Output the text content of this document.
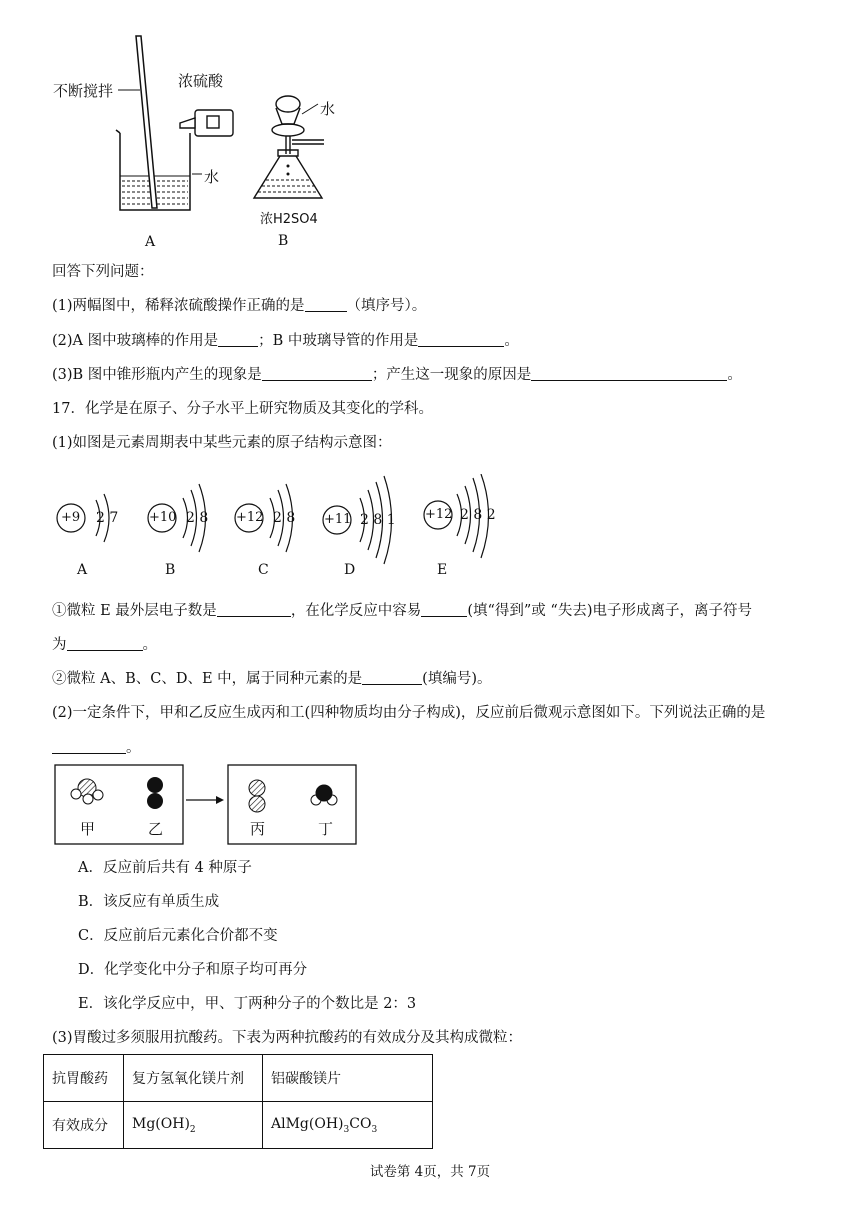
不断搅拌
浓硫酸
水
水
浓H2SO4
A	B
回答下列问题：
(1)两幅图中，稀释浓硫酸操作正确的是	（填序号）。
(2)A 图中玻璃棒的作用是	；B 中玻璃导管的作用是	。
(3)B 图中锥形瓶内产生的现象是	；产生这一现象的原因是	。
17．化学是在原子、分子水平上研究物质及其变化的学科。
(1)如图是元素周期表中某些元素的原子结构示意图：
+9 2 7 +10 2 8 +12 2 8 +11 2 8 1 +12 2 8 2
A	B	C	D	E
①微粒 E 最外层电子数是	，在化学反应中容易	(填“得到”或 “失去)电子形成离子，离子符号
为	。
②微粒 A、B、C、D、E 中，属于同种元素的是	(填编号)。
(2)一定条件下，甲和乙反应生成丙和工(四种物质均由分子构成)，反应前后微观示意图如下。下列说法正确的是
。
甲	乙	丙	丁
A．反应前后共有 4 种原子
B．该反应有单质生成
C．反应前后元素化合价都不变
D．化学变化中分子和原子均可再分
E．该化学反应中，甲、丁两种分子的个数比是 2：3
(3)胃酸过多须服用抗酸药。下表为两种抗酸药的有效成分及其构成微粒：
抗胃酸药	复方氢氧化镁片剂	铝碳酸镁片
有效成分	$Mg(OH)_2$	$AlMg(OH)_3CO_3$
试卷第 4页，共 7页
